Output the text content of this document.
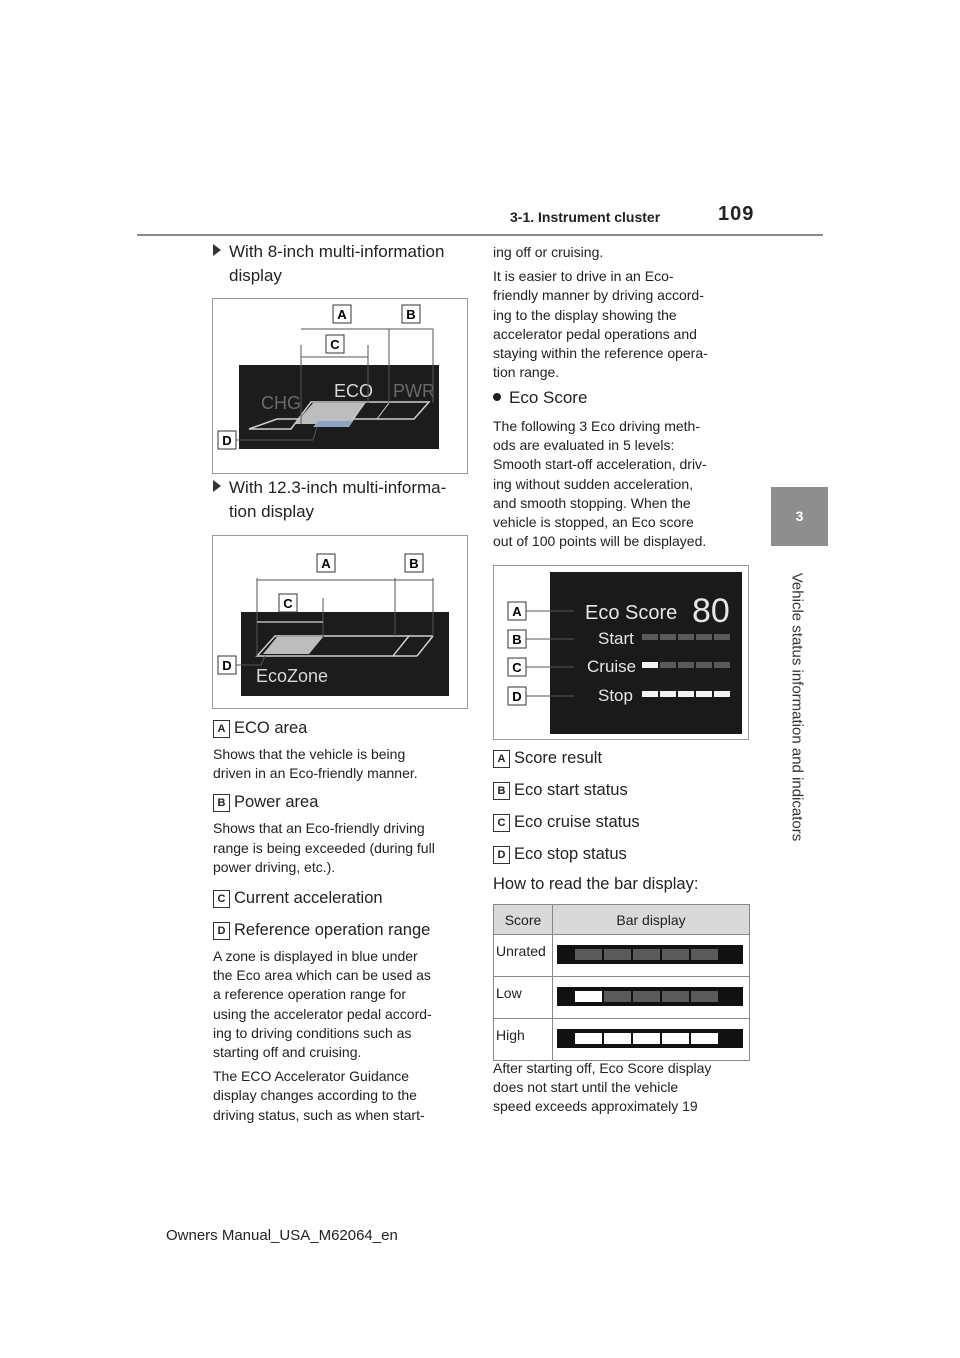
3-1. Instrument cluster	109
3
Vehicle status information and indicators
With 8-inch multi-information
display
CHG
ECO PWR
A	B
C
D
With 12.3-inch multi-informa-
tion display
EcoZone
A	B
C
D
A ECO area
Shows that the vehicle is being
driven in an Eco-friendly manner.
B Power area
Shows that an Eco-friendly driving
range is being exceeded (during full
power driving, etc.).
C Current acceleration
D Reference operation range
A zone is displayed in blue under
the Eco area which can be used as
a reference operation range for
using the accelerator pedal accord-
ing to driving conditions such as
starting off and cruising.
The ECO Accelerator Guidance
display changes according to the
driving status, such as when start-
ing off or cruising.
It is easier to drive in an Eco-
friendly manner by driving accord-
ing to the display showing the
accelerator pedal operations and
staying within the reference opera-
tion range.
Eco Score
The following 3 Eco driving meth-
ods are evaluated in 5 levels:
Smooth start-off acceleration, driv-
ing without sudden acceleration,
and smooth stopping. When the
vehicle is stopped, an Eco score
out of 100 points will be displayed.
Eco Score 80
Start
Cruise
Stop
A
B
C
D
A Score result
B Eco start status
C Eco cruise status
D Eco stop status
How to read the bar display:
Score	Bar display
Unrated	
Low	
High	
After starting off, Eco Score display
does not start until the vehicle
speed exceeds approximately 19
Owners Manual_USA_M62064_en
